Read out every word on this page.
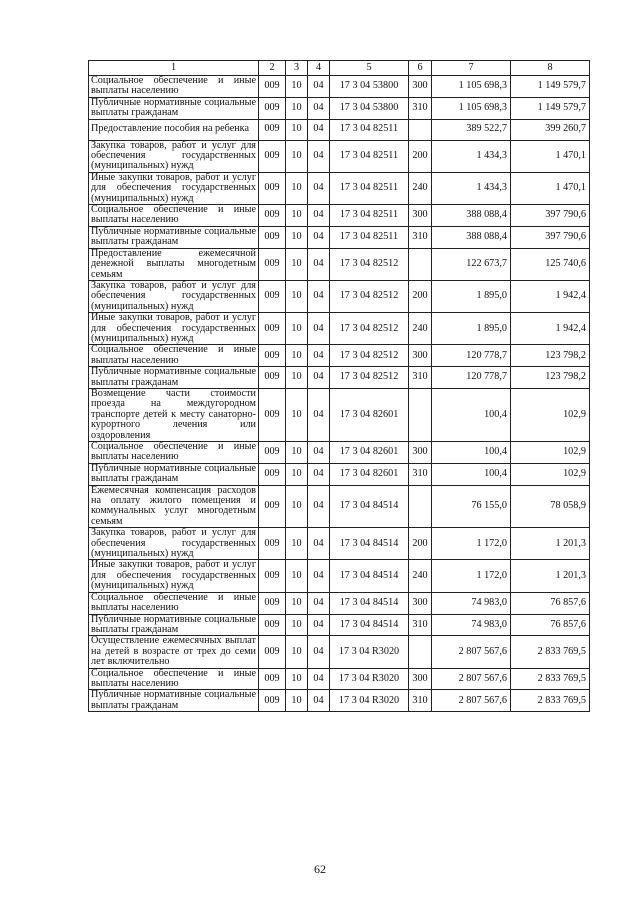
1	2	3	4	5	6	7	8
Социальное обеспечение и иные выплаты населению	009	10	04	17 3 04 53800	300	1 105 698,3	1 149 579,7
Публичные нормативные социальные выплаты гражданам	009	10	04	17 3 04 53800	310	1 105 698,3	1 149 579,7
Предоставление пособия на ребенка	009	10	04	17 3 04 82511		389 522,7	399 260,7
Закупка товаров, работ и услуг для обеспечения государственных (муниципальных) нужд	009	10	04	17 3 04 82511	200	1 434,3	1 470,1
Иные закупки товаров, работ и услуг для обеспечения государственных (муниципальных) нужд	009	10	04	17 3 04 82511	240	1 434,3	1 470,1
Социальное обеспечение и иные выплаты населению	009	10	04	17 3 04 82511	300	388 088,4	397 790,6
Публичные нормативные социальные выплаты гражданам	009	10	04	17 3 04 82511	310	388 088,4	397 790,6
Предоставление ежемесячной денежной выплаты многодетным семьям	009	10	04	17 3 04 82512		122 673,7	125 740,6
Закупка товаров, работ и услуг для обеспечения государственных (муниципальных) нужд	009	10	04	17 3 04 82512	200	1 895,0	1 942,4
Иные закупки товаров, работ и услуг для обеспечения государственных (муниципальных) нужд	009	10	04	17 3 04 82512	240	1 895,0	1 942,4
Социальное обеспечение и иные выплаты населению	009	10	04	17 3 04 82512	300	120 778,7	123 798,2
Публичные нормативные социальные выплаты гражданам	009	10	04	17 3 04 82512	310	120 778,7	123 798,2
Возмещение части стоимости проезда на междугородном транспорте детей к месту санаторно-курортного лечения или оздоровления	009	10	04	17 3 04 82601		100,4	102,9
Социальное обеспечение и иные выплаты населению	009	10	04	17 3 04 82601	300	100,4	102,9
Публичные нормативные социальные выплаты гражданам	009	10	04	17 3 04 82601	310	100,4	102,9
Ежемесячная компенсация расходов на оплату жилого помещения и коммунальных услуг многодетным семьям	009	10	04	17 3 04 84514		76 155,0	78 058,9
Закупка товаров, работ и услуг для обеспечения государственных (муниципальных) нужд	009	10	04	17 3 04 84514	200	1 172,0	1 201,3
Иные закупки товаров, работ и услуг для обеспечения государственных (муниципальных) нужд	009	10	04	17 3 04 84514	240	1 172,0	1 201,3
Социальное обеспечение и иные выплаты населению	009	10	04	17 3 04 84514	300	74 983,0	76 857,6
Публичные нормативные социальные выплаты гражданам	009	10	04	17 3 04 84514	310	74 983,0	76 857,6
Осуществление ежемесячных выплат на детей в возрасте от трех до семи лет включительно	009	10	04	17 3 04 R3020		2 807 567,6	2 833 769,5
Социальное обеспечение и иные выплаты населению	009	10	04	17 3 04 R3020	300	2 807 567,6	2 833 769,5
Публичные нормативные социальные выплаты гражданам	009	10	04	17 3 04 R3020	310	2 807 567,6	2 833 769,5
62
